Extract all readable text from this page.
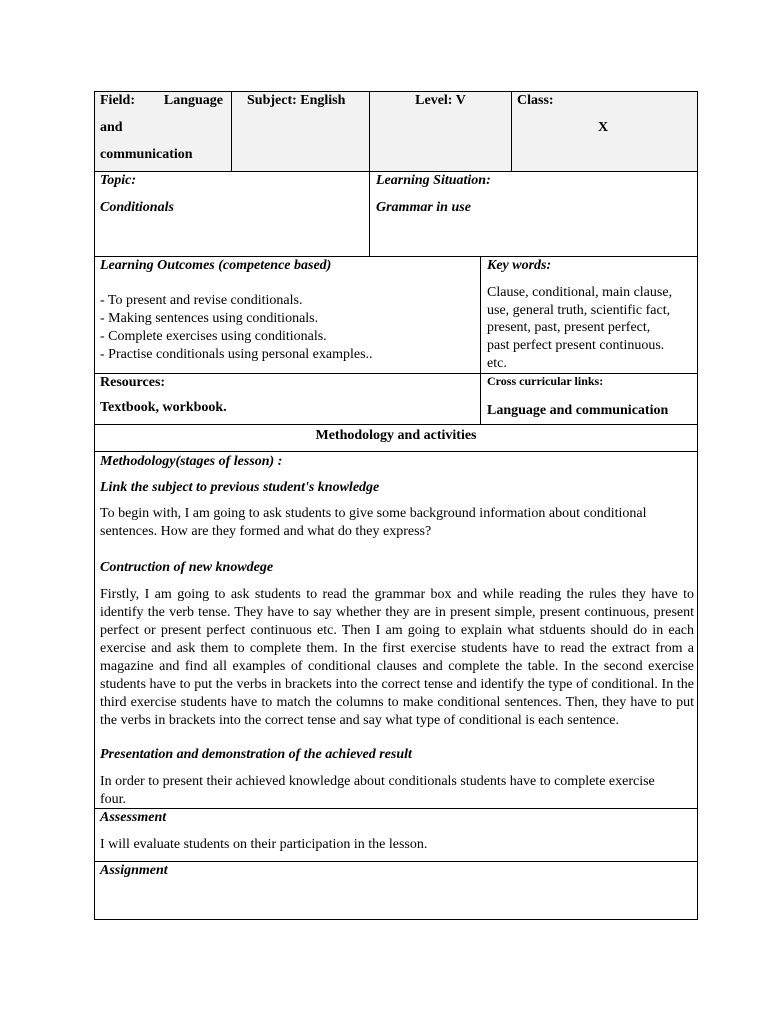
Field: Language
and
communication
Subject: English	Level: V	Class:
X
Topic:
Conditionals
Learning Situation:
Grammar in use
Learning Outcomes (competence based)
- To present and revise conditionals.
- Making sentences using conditionals.
- Complete exercises using conditionals.
- Practise conditionals using personal examples..
Key words:
Clause, conditional, main clause,
use, general truth, scientific fact,
present, past, present perfect,
past perfect present continuous.
etc.
Resources:
Textbook, workbook.
Cross curricular links:
Language and communication
Methodology and activities
Methodology(stages of lesson) :
Link the subject to previous student's knowledge
To begin with, I am going to ask students to give some background information about conditional sentences. How are they formed and what do they express?
Contruction of new knowdege
Firstly, I am going to ask students to read the grammar box and while reading the rules they have to identify the verb tense. They have to say whether they are in present simple, present continuous, present perfect or present perfect continuous etc. Then I am going to explain what stduents should do in each exercise and ask them to complete them. In the first exercise students have to read the extract from a magazine and find all examples of conditional clauses and complete the table. In the second exercise students have to put the verbs in brackets into the correct tense and identify the type of conditional. In the third exercise students have to match the columns to make conditional sentences. Then, they have to put the verbs in brackets into the correct tense and say what type of conditional is each sentence.
Presentation and demonstration of the achieved result
In order to present their achieved knowledge about conditionals students have to complete exercise four.
Assessment
I will evaluate students on their participation in the lesson.
Assignment
